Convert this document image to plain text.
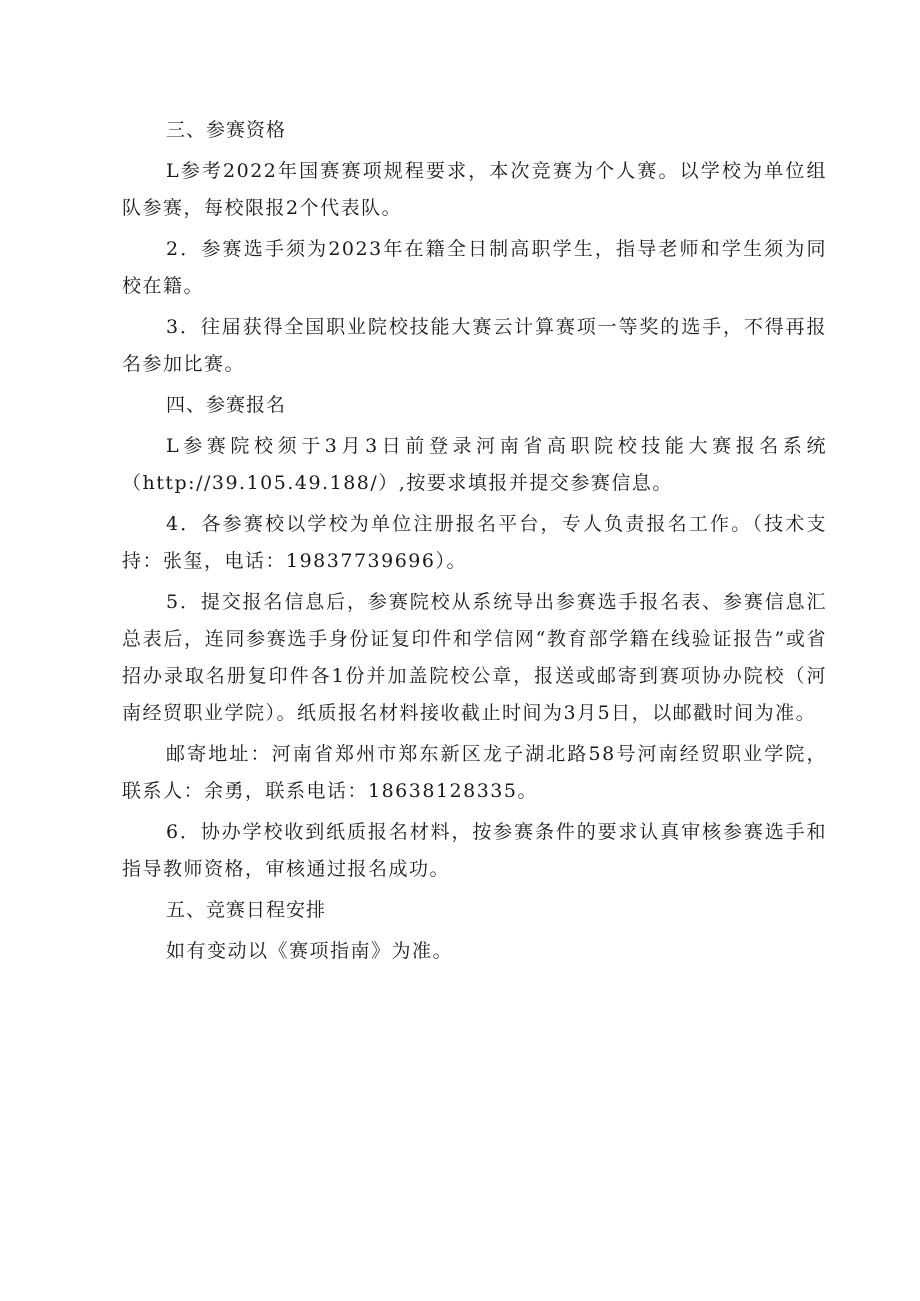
三、参赛资格
L参考2022年国赛赛项规程要求，本次竞赛为个人赛。以学校为单位组队参赛，每校限报2个代表队。
2．参赛选手须为2023年在籍全日制高职学生，指导老师和学生须为同校在籍。
3．往届获得全国职业院校技能大赛云计算赛项一等奖的选手，不得再报名参加比赛。
四、参赛报名
L参赛院校须于3月3日前登录河南省高职院校技能大赛报名系统（http://39.105.49.188/）,按要求填报并提交参赛信息。
4．各参赛校以学校为单位注册报名平台，专人负责报名工作。（技术支持：张玺，电话：19837739696）。
5．提交报名信息后，参赛院校从系统导出参赛选手报名表、参赛信息汇总表后，连同参赛选手身份证复印件和学信网“教育部学籍在线验证报告”或省招办录取名册复印件各1份并加盖院校公章，报送或邮寄到赛项协办院校（河南经贸职业学院）。纸质报名材料接收截止时间为3月5日，以邮戳时间为准。
邮寄地址：河南省郑州市郑东新区龙子湖北路58号河南经贸职业学院，联系人：余勇，联系电话：18638128335。
6．协办学校收到纸质报名材料，按参赛条件的要求认真审核参赛选手和指导教师资格，审核通过报名成功。
五、竞赛日程安排
如有变动以《赛项指南》为准。
